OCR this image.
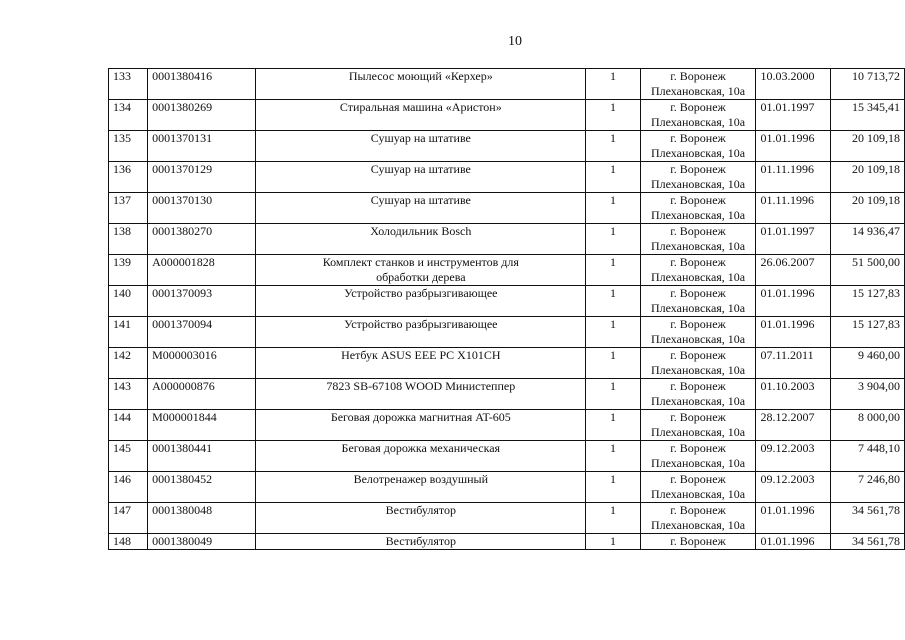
10
133	0001380416	Пылесос моющий «Керхер»	1	г. Воронеж
Плехановская, 10а	10.03.2000	10 713,72

134	0001380269	Стиральная машина «Аристон»	1	г. Воронеж
Плехановская, 10а	01.01.1997	15 345,41

135	0001370131	Сушуар на штативе	1	г. Воронеж
Плехановская, 10а	01.01.1996	20 109,18

136	0001370129	Сушуар на штативе	1	г. Воронеж
Плехановская, 10а	01.11.1996	20 109,18

137	0001370130	Сушуар на штативе	1	г. Воронеж
Плехановская, 10а	01.11.1996	20 109,18

138	0001380270	Холодильник Bosch	1	г. Воронеж
Плехановская, 10а	01.01.1997	14 936,47

139	A000001828	Комплект станков и инструментов для
обработки дерева	1	г. Воронеж
Плехановская, 10а	26.06.2007	51 500,00

140	0001370093	Устройство разбрызгивающее	1	г. Воронеж
Плехановская, 10а	01.01.1996	15 127,83

141	0001370094	Устройство разбрызгивающее	1	г. Воронеж
Плехановская, 10а	01.01.1996	15 127,83

142	M000003016	Нетбук ASUS EEE PC X101CH	1	г. Воронеж
Плехановская, 10а	07.11.2011	9 460,00

143	A000000876	7823 SB-67108 WOOD Министеппер	1	г. Воронеж
Плехановская, 10а	01.10.2003	3 904,00

144	M000001844	Беговая дорожка магнитная AT-605	1	г. Воронеж
Плехановская, 10а	28.12.2007	8 000,00

145	0001380441	Беговая дорожка механическая	1	г. Воронеж
Плехановская, 10а	09.12.2003	7 448,10

146	0001380452	Велотренажер воздушный	1	г. Воронеж
Плехановская, 10а	09.12.2003	7 246,80

147	0001380048	Вестибулятор	1	г. Воронеж
Плехановская, 10а	01.01.1996	34 561,78

148	0001380049	Вестибулятор	1	г. Воронеж	01.01.1996	34 561,78
